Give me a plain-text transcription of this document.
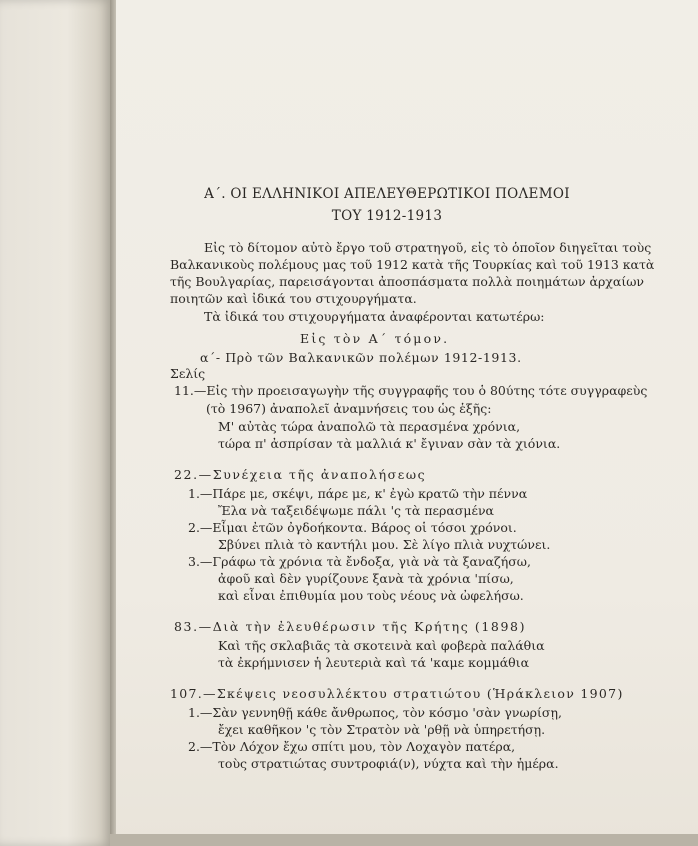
Α΄. ΟΙ ΕΛΛΗΝΙΚΟΙ ΑΠΕΛΕΥΘΕΡΩΤΙΚΟΙ ΠΟΛΕΜΟΙ
ΤΟΥ 1912-1913
Εἰς τὸ δίτομον αὐτὸ ἔργο τοῦ στρατηγοῦ, εἰς τὸ ὁποῖον διηγεῖται τοὺς
Βαλκανικοὺς πολέμους μας τοῦ 1912 κατὰ τῆς Τουρκίας καὶ τοῦ 1913 κατὰ
τῆς Βουλγαρίας, παρεισάγονται ἀποσπάσματα πολλὰ ποιημάτων ἀρχαίων
ποιητῶν καὶ ἰδικά του στιχουργήματα.
Τὰ ἰδικά του στιχουργήματα ἀναφέρονται κατωτέρω:
Εἰς τὸν Α΄ τόμον.
α΄- Πρὸ τῶν Βαλκανικῶν πολέμων 1912-1913.
Σελίς
11.—Εἰς τὴν προεισαγωγὴν τῆς συγγραφῆς του ὁ 80ύτης τότε συγγραφεὺς
(τὸ 1967) ἀναπολεῖ ἀναμνήσεις του ὡς ἑξῆς:
Μ' αὐτὰς τώρα ἀναπολῶ τὰ περασμένα χρόνια,
τώρα π' ἀσπρίσαν τὰ μαλλιά κ' ἔγιναν σὰν τὰ χιόνια.
22.—Συνέχεια τῆς ἀναπολήσεως
1.—Πάρε με, σκέψι, πάρε με, κ' ἐγὼ κρατῶ τὴν πέννα
Ἔλα νὰ ταξειδέψωμε πάλι 'ς τὰ περασμένα
2.—Εἶμαι ἐτῶν ὀγδοήκοντα. Βάρος οἱ τόσοι χρόνοι.
Σβύνει πλιὰ τὸ καντήλι μου. Σὲ λίγο πλιὰ νυχτώνει.
3.—Γράφω τὰ χρόνια τὰ ἔνδοξα, γιὰ νὰ τὰ ξαναζήσω,
ἀφοῦ καὶ δὲν γυρίζουνε ξανὰ τὰ χρόνια 'πίσω,
καὶ εἶναι ἐπιθυμία μου τοὺς νέους νὰ ὠφελήσω.
83.—Διὰ τὴν ἐλευθέρωσιν τῆς Κρήτης (1898)
Καὶ τῆς σκλαβιᾶς τὰ σκοτεινὰ καὶ φοβερὰ παλάθια
τὰ ἐκρήμνισεν ἡ λευτεριὰ καὶ τά 'καμε κομμάθια
107.—Σκέψεις νεοσυλλέκτου στρατιώτου (Ἡράκλειον 1907)
1.—Σὰν γεννηθῇ κάθε ἄνθρωπος, τὸν κόσμο 'σὰν γνωρίσῃ,
ἔχει καθῆκον 'ς τὸν Στρατὸν νὰ 'ρθῇ νὰ ὑπηρετήσῃ.
2.—Τὸν Λόχον ἔχω σπίτι μου, τὸν Λοχαγὸν πατέρα,
τοὺς στρατιώτας συντροφιά(ν), νύχτα καὶ τὴν ἡμέρα.
